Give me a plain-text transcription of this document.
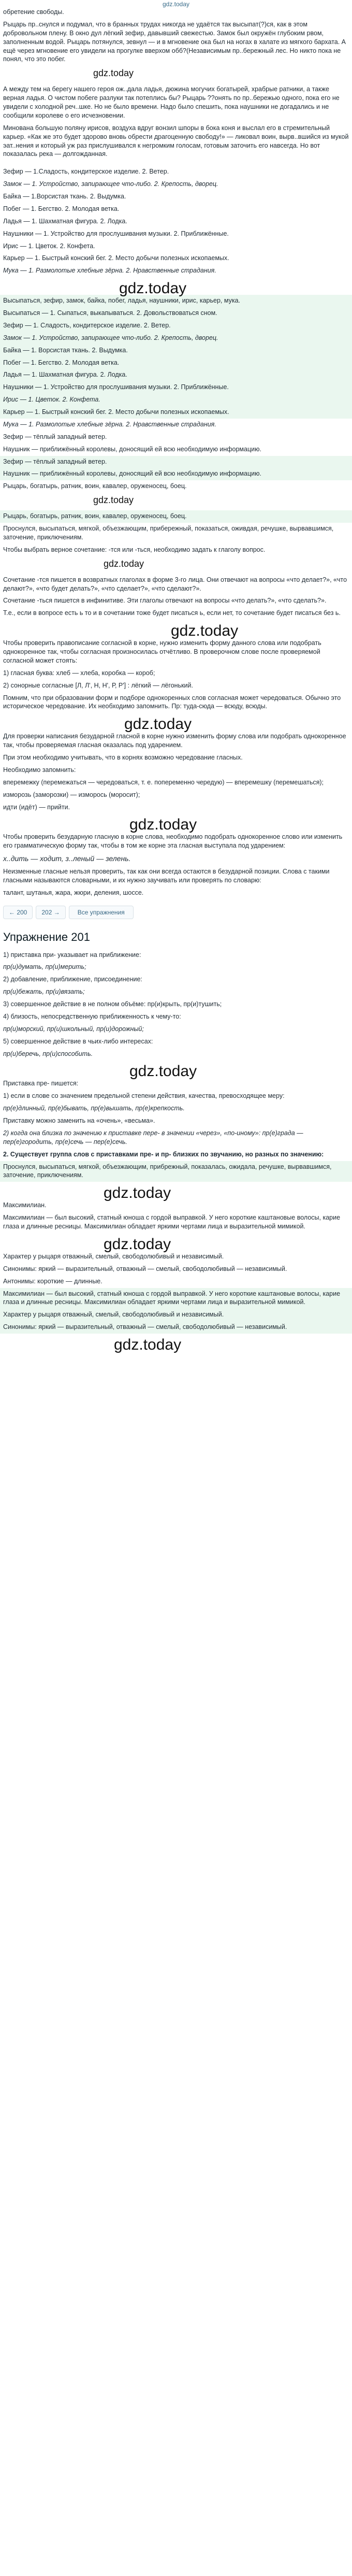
gdz.today

обретение свободы.

Рыцарь пр..снулся и подумал, что в бранных трудах никогда не удаётся так высыпат(?)ся, как в этом добровольном плену. В окно дул лёгкий зефир, давывший свежестью. Замок был окружён глубоким рвом, заполненным водой. Рыцарь потянулся, зевнул — и в мгновение ока был на ногах в халате из мягкого бархата. А ещё через мгновение его увидели на прогулке вверхом обб?(Независимым пр..бережный лес. Но никто пока не понял, что это побег.

gdz.today

А между тем на берегу нашего героя ож..дала ладья, дюжина могучих богатырей, храбрые ратники, а также верная ладья. О чистом побеге разлуки так потеплись бы? Рыцарь ??онять по пр..бережью одного, пока его не увидели с холодной реч..шке. Но не было времени. Надо было спешить, пока наушники не догадались и не сообщили королеве о его исчезновении.

Минована большую поляну ирисов, воздуха вдруг вонзил шпоры в бока коня и выслал его в стремительный карьер. «Как же это будет здорово вновь обрести драгоценную свободу!» — ликовал воин, вырв..вшийся из мукой эат..нения и который уж раз прислушивался к негромким голосам, готовым заточить его навсегда. Но вот показалась река — долгожданная.

Зефир — 1.Сладость, кондитерское изделие. 2. Ветер.

Замок — 1. Устройство, запирающее что-либо. 2. Крепость, дворец.

Байка — 1.Ворсистая ткань. 2. Выдумка.

Побег — 1. Бегство. 2. Молодая ветка.

Ладья — 1. Шахматная фигура. 2. Лодка.

Наушники — 1. Устройство для прослушивания музыки. 2. Приближённые.

Ирис — 1. Цветок. 2. Конфета.

Карьер — 1. Быстрый конский бег. 2. Место добычи полезных ископаемых.

Мука — 1. Размолотые хлебные зёрна. 2. Нравственные страдания.

gdz.today

Высыпаться, зефир, замок, байка, побег, ладья, наушники, ирис, карьер, мука.

Высыпаться — 1. Сыпаться, выкапываться. 2. Довольствоваться сном.

Зефир — 1. Сладость, кондитерское изделие. 2. Ветер.

Замок — 1. Устройство, запирающее что-либо. 2. Крепость, дворец.

Байка — 1. Ворсистая ткань. 2. Выдумка.

Побег — 1. Бегство. 2. Молодая ветка.

Ладья — 1. Шахматная фигура. 2. Лодка.

Наушники — 1. Устройство для прослушивания музыки. 2. Приближённые.

Ирис — 1. Цветок. 2. Конфета.

Карьер — 1. Быстрый конский бег. 2. Место добычи полезных ископаемых.

Мука — 1. Размолотые хлебные зёрна. 2. Нравственные страдания.

Зефир — тёплый западный ветер.

Наушник — приближённый королевы, доносящий ей всю необходимую информацию.

Зефир — тёплый западный ветер.

Наушник — приближённый королевы, доносящий ей всю необходимую информацию.

Рыцарь, богатырь, ратник, воин, кавалер, оруженосец, боец.

gdz.today

Рыцарь, богатырь, ратник, воин, кавалер, оруженосец, боец.

Проснулся, высыпаться, мягкой, объезжающим, прибережный, показаться, оживдая, речушке, вырвавшимся, заточение, приключениям.

Чтобы выбрать верное сочетание: -тся или -ться, необходимо задать к глаголу вопрос.

gdz.today

Сочетание -тся пишется в возвратных глаголах в форме 3-го лица. Они отвечают на вопросы «что делает?», «что делают?», «что будет делать?», «что сделает?», «что сделают?».

Сочетание -ться пишется в инфинитиве. Эти глаголы отвечают на вопросы «что делать?», «что сделать?».

Т.е., если в вопросе есть ь то и в сочетании тоже будет писаться ь, если нет, то сочетание будет писаться без ь.

gdz.today

Чтобы проверить правописание согласной в корне, нужно изменить форму данного слова или подобрать однокоренное так, чтобы согласная произносилась отчётливо. В проверочном слове после проверяемой согласной может стоять:

1) гласная буква: хлеб — хлеба, коробка — короб;

2) сонорные согласные [Л, Л', Н, Н', Р, Р'] : лёгкий — лёгонький.

Помним, что при образовании форм и подборе однокоренных слов согласная может чередоваться. Обычно это историческое чередование. Их необходимо запомнить. Пр: туда-сюда — всюду, всюды.

gdz.today

Для проверки написания безударной гласной в корне нужно изменить форму слова или подобрать однокоренное так, чтобы проверяемая гласная оказалась под ударением.

При этом необходимо учитывать, что в корнях возможно чередование гласных.

Необходимо запомнить:

вперемежку (перемежаться — чередоваться, т. е. попеременно чередую) — вперемешку (перемешаться);

изморозь (заморозки) — изморось (моросит);

идти (идёт) — прийти.

gdz.today

Чтобы проверить безударную гласную в корне слова, необходимо подобрать однокоренное слово или изменить его грамматическую форму так, чтобы в том же корне эта гласная выступала под ударением:

х..дить — ходит, з..леный — зелень.

Неизменные гласные нельзя проверить, так как они всегда остаются в безударной позиции. Слова с такими гласными называются словарными, и их нужно заучивать или проверять по словарю:

талант, шутанья, жара, жюри, деления, шоссе.

← 200	202 →	Все упражнения
Упражнение 201

1) приставка при- указывает на приближение:

пр(и)думать, пр(и)мерить;

2) добавление, приближение, присоединение:

пр(и)бежать, пр(и)вязать;

3) совершенное действие в не полном объёме: пр(и)крыть, пр(и)тушить;

4) близость, непосредственную приближенность к чему-то:

пр(и)морский, пр(и)школьный, пр(и)дорожный;

5) совершенное действие в чьих-либо интересах:

пр(и)беречь, пр(и)способить.

gdz.today

Приставка пре- пишется:

1) если в слове со значением предельной степени действия, качества, превосходящее меру:

пр(е)длинный, пр(е)бывать, пр(е)вышать, пр(е)крепкость.

Приставку можно заменить на «очень», «весьма».

2) когда она близка по значению к приставке пере- в значении «через», «по-иному»: пр(е)града — пер(е)городить, пр(е)сечь — пер(е)сечь.

2. Существует группа слов с приставками пре- и пр- близких по звучанию, но разных по значению:

Проснулся, высыпаться, мягкой, объезжающим, прибрежный, показалась, ожидала, речушке, вырвавшимся, заточение, приключениям.

gdz.today

Максимилиан.

Максимилиан — был высокий, статный юноша с гордой выправкой. У него короткие каштановые волосы, карие глаза и длинные ресницы. Максимилиан обладает яркими чертами лица и выразительной мимикой.

gdz.today

Характер у рыцаря отважный, смелый, свободолюбивый и независимый.

Синонимы: яркий — выразительный, отважный — смелый, свободолюбивый — независимый.

Антонимы: короткие — длинные.

Максимилиан — был высокий, статный юноша с гордой выправкой. У него короткие каштановые волосы, карие глаза и длинные ресницы. Максимилиан обладает яркими чертами лица и выразительной мимикой.

Характер у рыцаря отважный, смелый, свободолюбивый и независимый.

Синонимы: яркий — выразительный, отважный — смелый, свободолюбивый — независимый.

gdz.today
